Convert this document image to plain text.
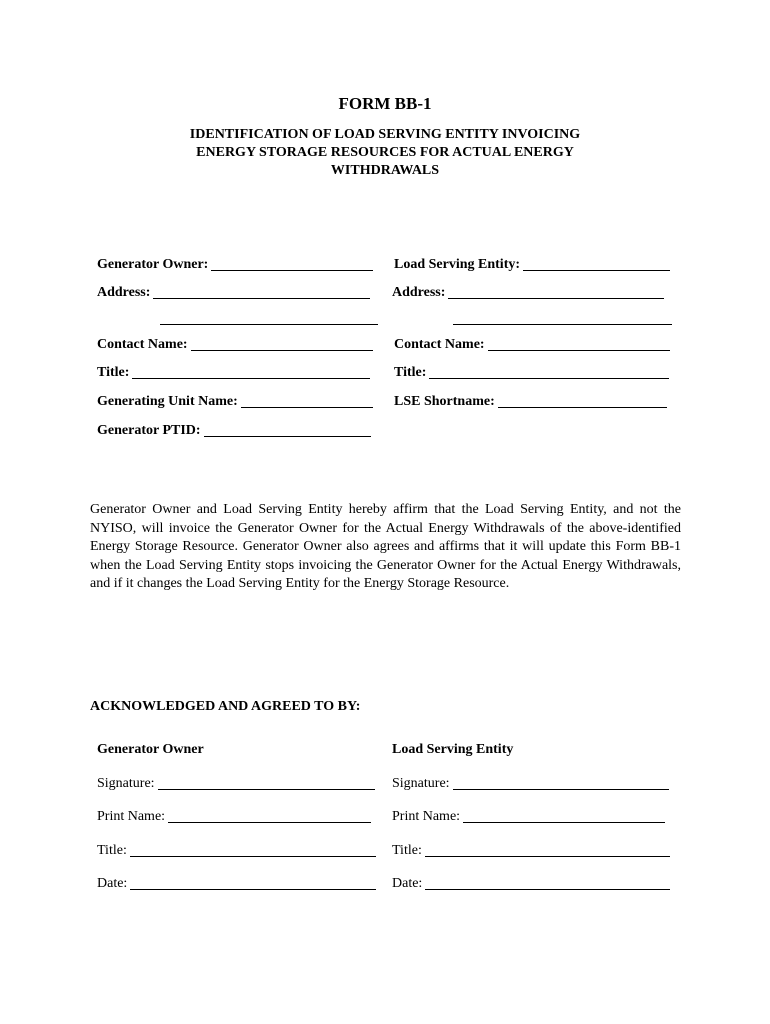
FORM BB-1
IDENTIFICATION OF LOAD SERVING ENTITY INVOICING
ENERGY STORAGE RESOURCES FOR ACTUAL ENERGY
WITHDRAWALS
Generator Owner:
Address:
Contact Name:
Title:
Generating Unit Name:
Generator PTID:
Load Serving Entity:
Address:
Contact Name:
Title:
LSE Shortname:
Generator Owner and Load Serving Entity hereby affirm that the Load Serving Entity, and not the NYISO, will invoice the Generator Owner for the Actual Energy Withdrawals of the above-identified Energy Storage Resource. Generator Owner also agrees and affirms that it will update this Form BB-1 when the Load Serving Entity stops invoicing the Generator Owner for the Actual Energy Withdrawals, and if it changes the Load Serving Entity for the Energy Storage Resource.
ACKNOWLEDGED AND AGREED TO BY:
Generator Owner	Load Serving Entity
Signature:
Print Name:
Title:
Date:
Signature:
Print Name:
Title:
Date:
